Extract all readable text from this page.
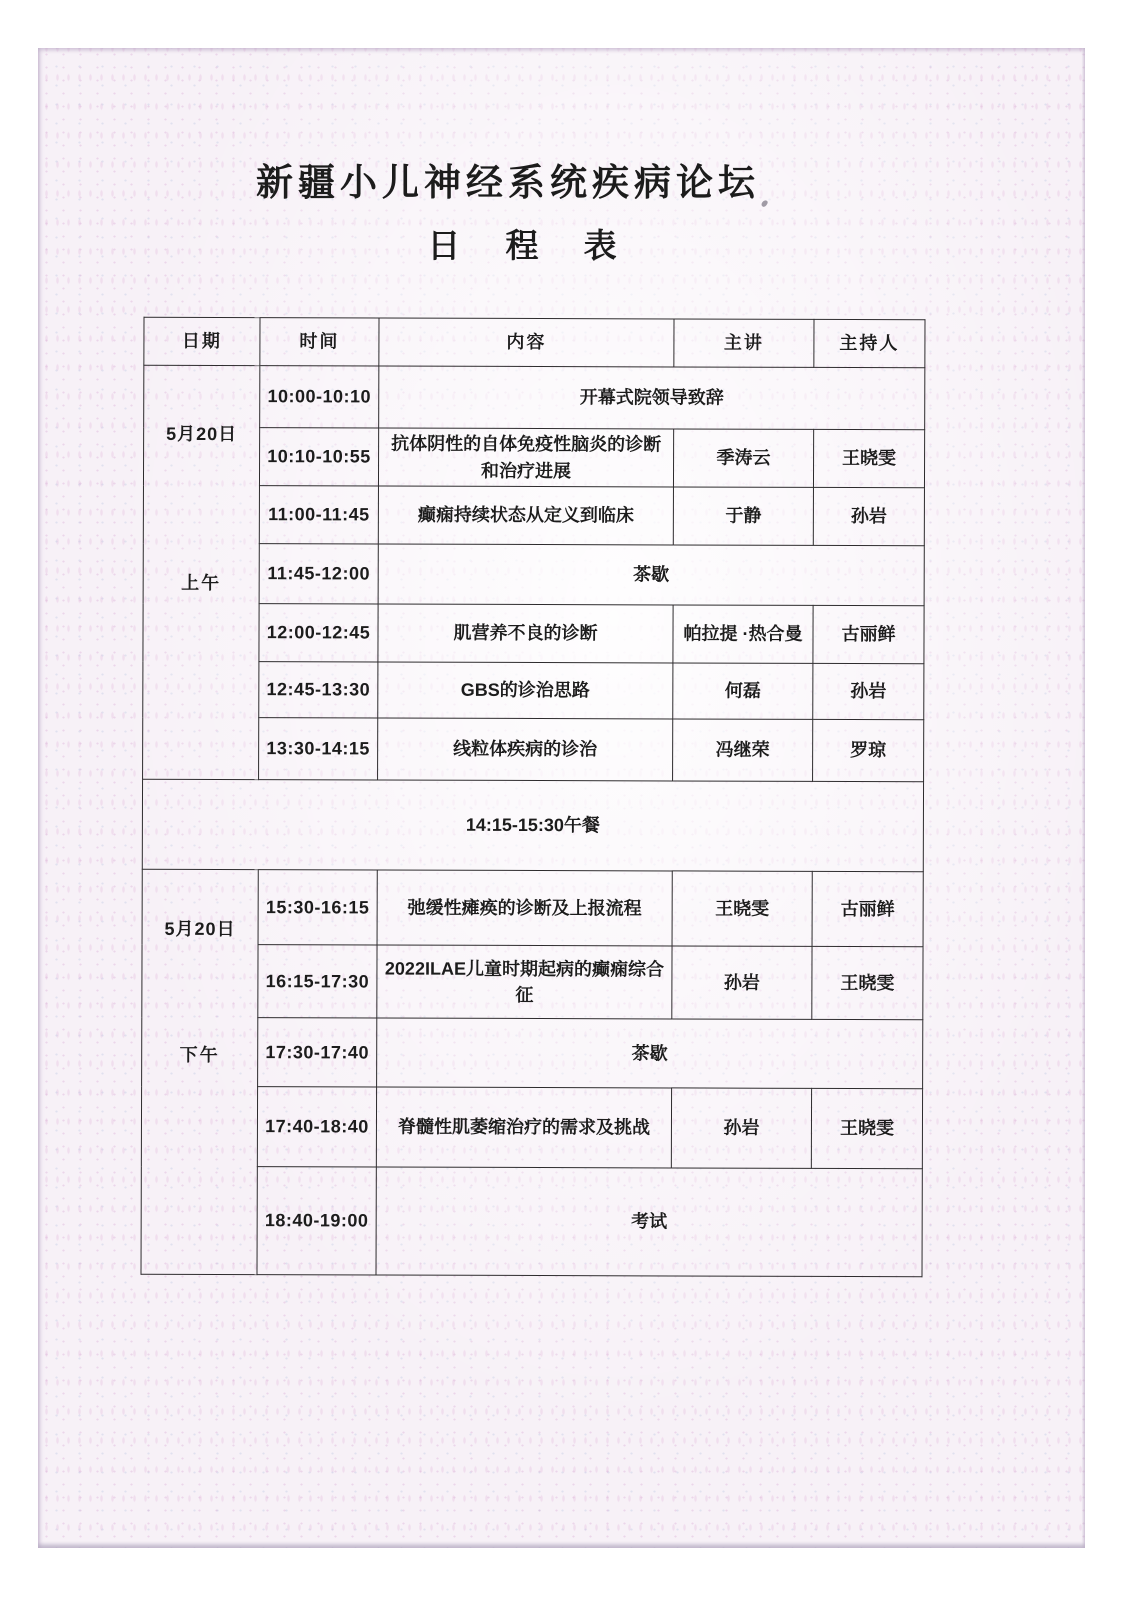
新疆小儿神经系统疾病论坛
日 程 表
日期	时间	内容	主讲	主持人

5月20日
上午	10:00-10:10	开幕式院领导致辞		
	10:10-10:55	抗体阴性的自体免疫性脑炎的诊断和治疗进展	季涛云	王晓雯
	11:00-11:45	癫痫持续状态从定义到临床	于静	孙岩
	11:45-12:00	茶歇		
	12:00-12:45	肌营养不良的诊断	帕拉提 ·热合曼	古丽鲜
	12:45-13:30	GBS的诊治思路	何磊	孙岩
	13:30-14:15	线粒体疾病的诊治	冯继荣	罗琼
14:15-15:30午餐				

5月20日
下午	15:30-16:15	弛缓性瘫痪的诊断及上报流程	王晓雯	古丽鲜
	16:15-17:30	2022ILAE儿童时期起病的癫痫综合征	孙岩	王晓雯
	17:30-17:40	茶歇		
	17:40-18:40	脊髓性肌萎缩治疗的需求及挑战	孙岩	王晓雯
	18:40-19:00	考试		
